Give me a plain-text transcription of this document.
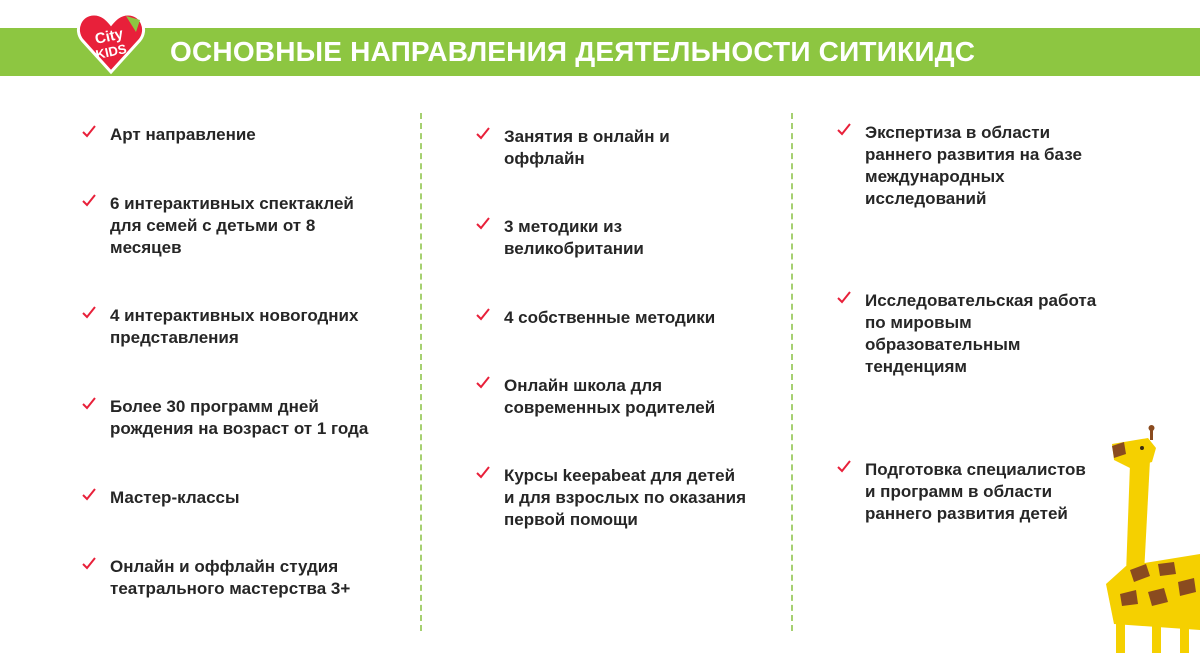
City
KIDS ОСНОВНЫЕ НАПРАВЛЕНИЯ ДЕЯТЕЛЬНОСТИ СИТИКИДС
Арт направление
6 интерактивных спектаклей
для семей с детьми от 8
месяцев
4 интерактивных новогодних
представления
Более 30 программ дней
рождения на возраст от 1 года
Мастер-классы
Онлайн и оффлайн студия
театрального мастерства 3+
Занятия в онлайн и
оффлайн
3 методики из
великобритании
4 собственные методики
Онлайн школа для
современных родителей
Курсы keepabeat для детей
и для взрослых по оказания
первой помощи
Экспертиза в области
раннего развития на базе
международных
исследований
Исследовательская работа
по мировым
образовательным
тенденциям
Подготовка специалистов
и программ в области
раннего развития детей
